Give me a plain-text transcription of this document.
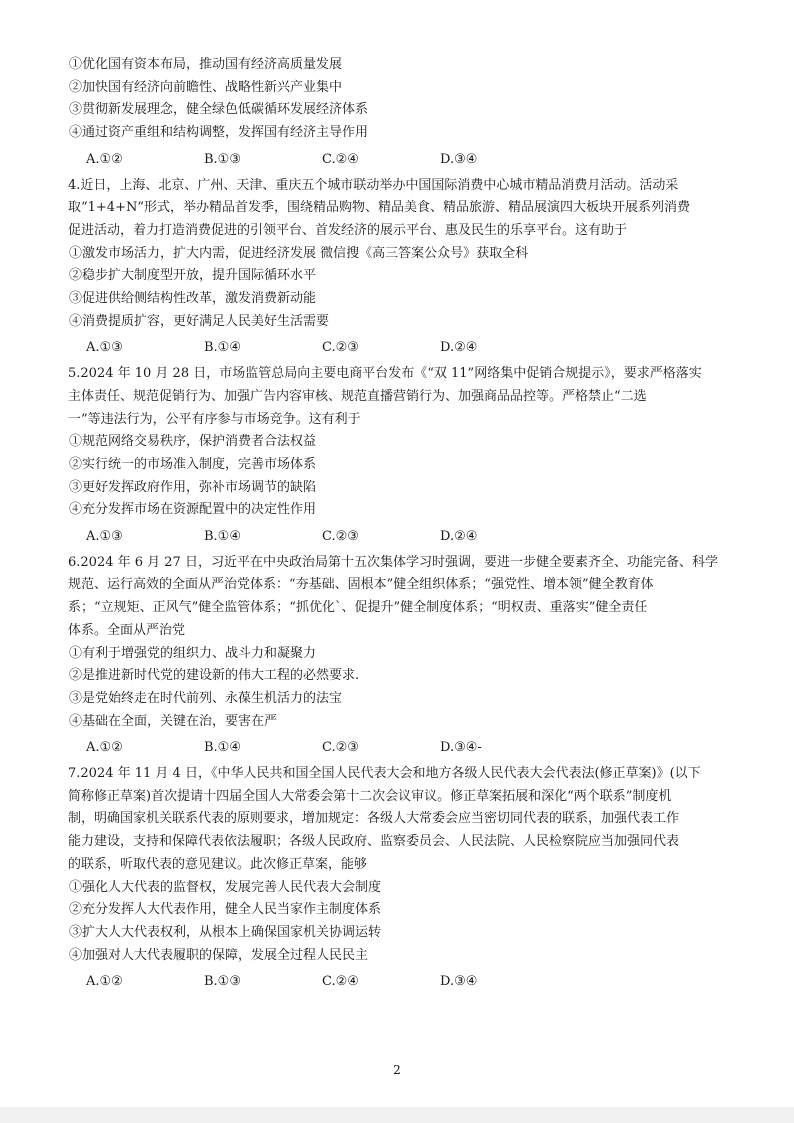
①优化国有资本布局，推动国有经济高质量发展
②加快国有经济向前瞻性、战略性新兴产业集中
③贯彻新发展理念，健全绿色低碳循环发展经济体系
④通过资产重组和结构调整，发挥国有经济主导作用
A.①②	B.①③	C.②④	D.③④
4.近日，上海、北京、广州、天津、重庆五个城市联动举办中国国际消费中心城市精品消费月活动。活动采
取“1+4+N”形式，举办精品首发季，围绕精品购物、精品美食、精品旅游、精品展演四大板块开展系列消费
促进活动，着力打造消费促进的引领平台、首发经济的展示平台、惠及民生的乐享平台。这有助于
①激发市场活力，扩大内需，促进经济发展 微信搜《高三答案公众号》获取全科
②稳步扩大制度型开放，提升国际循环水平
③促进供给侧结构性改革，激发消费新动能
④消费提质扩容，更好满足人民美好生活需要
A.①③	B.①④	C.②③	D.②④
5.2024 年 10 月 28 日，市场监管总局向主要电商平台发布《“双 11”网络集中促销合规提示》，要求严格落实
主体责任、规范促销行为、加强广告内容审核、规范直播营销行为、加强商品品控等。严格禁止“二选
一”等违法行为，公平有序参与市场竞争。这有利于
①规范网络交易秩序，保护消费者合法权益
②实行统一的市场准入制度，完善市场体系
③更好发挥政府作用，弥补市场调节的缺陷
④充分发挥市场在资源配置中的决定性作用
A.①③	B.①④	C.②③	D.②④
6.2024 年 6 月 27 日，习近平在中央政治局第十五次集体学习时强调，要进一步健全要素齐全、功能完备、科学
规范、运行高效的全面从严治党体系：“夯基础、固根本”健全组织体系；“强党性、增本领”健全教育体
系；“立规矩、正风气”健全监管体系；“抓优化`、促提升”健全制度体系；“明权责、重落实”健全责任
体系。全面从严治党
①有利于增强党的组织力、战斗力和凝聚力
②是推进新时代党的建设新的伟大工程的必然要求.
③是党始终走在时代前列、永葆生机活力的法宝
④基础在全面，关键在治，要害在严
A.①②	B.①④	C.②③	D.③④-
7.2024 年 11 月 4 日，《中华人民共和国全国人民代表大会和地方各级人民代表大会代表法(修正草案)》(以下
简称修正草案)首次提请十四届全国人大常委会第十二次会议审议。修正草案拓展和深化“两个联系”制度机
制，明确国家机关联系代表的原则要求，增加规定：各级人大常委会应当密切同代表的联系，加强代表工作
能力建设，支持和保障代表依法履职；各级人民政府、监察委员会、人民法院、人民检察院应当加强同代表
的联系，听取代表的意见建议。此次修正草案，能够
①强化人大代表的监督权，发展完善人民代表大会制度
②充分发挥人大代表作用，健全人民当家作主制度体系
③扩大人大代表权利，从根本上确保国家机关协调运转
④加强对人大代表履职的保障，发展全过程人民民主
A.①②	B.①③	C.②④	D.③④
2
